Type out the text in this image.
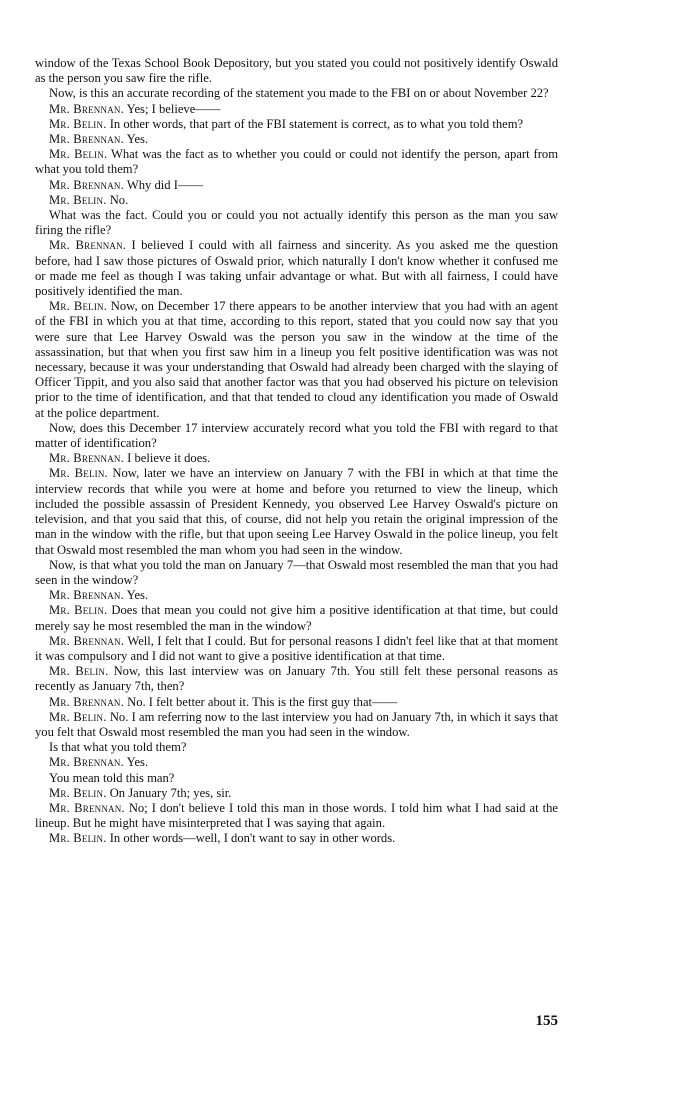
window of the Texas School Book Depository, but you stated you could not positively identify Oswald as the person you saw fire the rifle.

Now, is this an accurate recording of the statement you made to the FBI on or about November 22?

Mr. Brennan. Yes; I believe——

Mr. Belin. In other words, that part of the FBI statement is correct, as to what you told them?

Mr. Brennan. Yes.

Mr. Belin. What was the fact as to whether you could or could not identify the person, apart from what you told them?

Mr. Brennan. Why did I——

Mr. Belin. No.

What was the fact. Could you or could you not actually identify this person as the man you saw firing the rifle?

Mr. Brennan. I believed I could with all fairness and sincerity. As you asked me the question before, had I saw those pictures of Oswald prior, which naturally I don't know whether it confused me or made me feel as though I was taking unfair advantage or what. But with all fairness, I could have positively identified the man.

Mr. Belin. Now, on December 17 there appears to be another interview that you had with an agent of the FBI in which you at that time, according to this report, stated that you could now say that you were sure that Lee Harvey Oswald was the person you saw in the window at the time of the assassination, but that when you first saw him in a lineup you felt positive identification was was not necessary, because it was your understanding that Oswald had already been charged with the slaying of Officer Tippit, and you also said that another factor was that you had observed his picture on television prior to the time of identification, and that that tended to cloud any identification you made of Oswald at the police department.

Now, does this December 17 interview accurately record what you told the FBI with regard to that matter of identification?

Mr. Brennan. I believe it does.

Mr. Belin. Now, later we have an interview on January 7 with the FBI in which at that time the interview records that while you were at home and before you returned to view the lineup, which included the possible assassin of President Kennedy, you observed Lee Harvey Oswald's picture on television, and that you said that this, of course, did not help you retain the original impression of the man in the window with the rifle, but that upon seeing Lee Harvey Oswald in the police lineup, you felt that Oswald most resembled the man whom you had seen in the window.

Now, is that what you told the man on January 7—that Oswald most resembled the man that you had seen in the window?

Mr. Brennan. Yes.

Mr. Belin. Does that mean you could not give him a positive identification at that time, but could merely say he most resembled the man in the window?

Mr. Brennan. Well, I felt that I could. But for personal reasons I didn't feel like that at that moment it was compulsory and I did not want to give a positive identification at that time.

Mr. Belin. Now, this last interview was on January 7th. You still felt these personal reasons as recently as January 7th, then?

Mr. Brennan. No. I felt better about it. This is the first guy that——

Mr. Belin. No. I am referring now to the last interview you had on January 7th, in which it says that you felt that Oswald most resembled the man you had seen in the window.

Is that what you told them?

Mr. Brennan. Yes.

You mean told this man?

Mr. Belin. On January 7th; yes, sir.

Mr. Brennan. No; I don't believe I told this man in those words. I told him what I had said at the lineup. But he might have misinterpreted that I was saying that again.

Mr. Belin. In other words—well, I don't want to say in other words.

155
